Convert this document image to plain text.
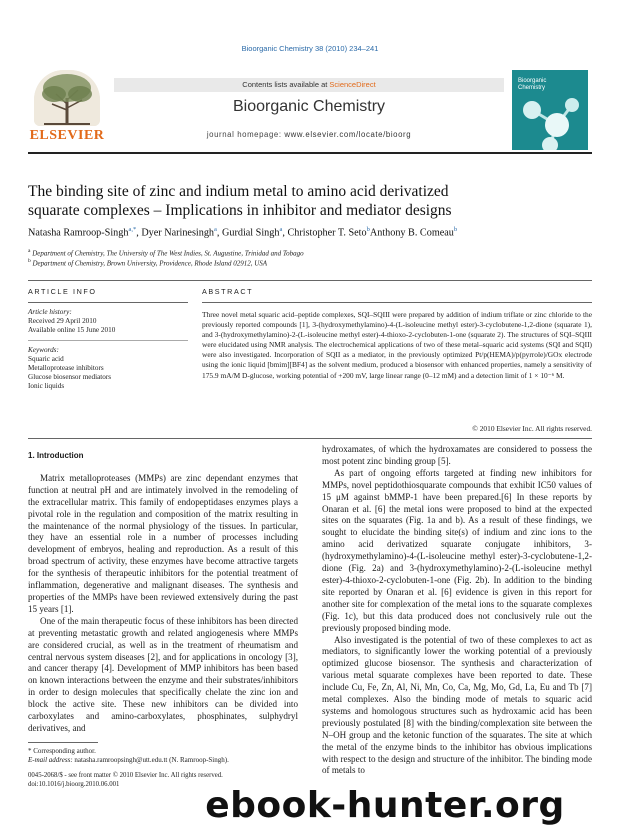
Bioorganic Chemistry 38 (2010) 234–241
ELSEVIER
Contents lists available at ScienceDirect
Bioorganic Chemistry
journal homepage: www.elsevier.com/locate/bioorg
Bioorganic
Chemistry
The binding site of zinc and indium metal to amino acid derivatized
squarate complexes – Implications in inhibitor and mediator designs
Natasha Ramroop-Singh$^{a,*}$, Dyer Narinesingh$^a$, Gurdial Singh$^a$, Christopher T. Seto$^b$Anthony B. Comeau$^b$
$^a$ Department of Chemistry, The University of The West Indies, St. Augustine, Trinidad and Tobago
$^b$ Department of Chemistry, Brown University, Providence, Rhode Island 02912, USA
ARTICLE INFO	ABSTRACT
Article history:
Received 29 April 2010
Available online 15 June 2010
Keywords:
Squaric acid
Metalloprotease inhibitors
Glucose biosensor mediators
Ionic liquids
Three novel metal squaric acid–peptide complexes, SQI–SQIII were prepared by addition of indium triflate or zinc chloride to the previously reported compounds [1], 3-(hydroxymethylamino)-4-(L-isoleucine methyl ester)-3-cyclobutene-1,2-dione (squarate 1), and 3-(hydroxymethylamino)-2-(L-isoleucine methyl ester)-4-thioxo-2-cyclobuten-1-one (squarate 2). The structures of SQI–SQIII were elucidated using NMR analysis. The electrochemical applications of two of these metal–squaric acid systems (SQI and SQII) were also investigated. Incorporation of SQII as a mediator, in the previously optimized Pt/p(HEMA)/p(pyrrole)/GOx electrode using the ionic liquid [bmim][BF4] as the solvent medium, produced a biosensor with enhanced properties, namely a sensitivity of 175.9 mA/M D-glucose, working potential of +200 mV, large linear range (0–12 mM) and a detection limit of 1 × 10⁻⁶ M.
© 2010 Elsevier Inc. All rights reserved.

1. Introduction

Matrix metalloproteases (MMPs) are zinc dependant enzymes that function at neutral pH and are intimately involved in the remodeling of the extracellular matrix. This family of endopeptidases enzymes plays a pivotal role in the regulation and composition of the matrix resulting in the maintenance of the normal physiology of the tissues. In particular, they have an essential role in a number of processes including development of embryos, healing and reproduction. As a result of this broad spectrum of activity, these enzymes have become attractive targets for the synthesis of therapeutic inhibitors for the potential treatment of inflammation, degenerative and malignant diseases. The synthesis and properties of the MMPs have been reviewed extensively during the past 15 years [1].

One of the main therapeutic focus of these inhibitors has been directed at preventing metastatic growth and related angiogenesis where MMPs are considered crucial, as well as in the treatment of rheumatism and central nervous system diseases [2], and for applications in oncology [3], and cancer therapy [4]. Development of MMP inhibitors has been based on known interactions between the enzyme and their substrates/inhibitors in order to design molecules that specifically chelate the zinc ion and block the active site. These new inhibitors can be divided into carboxylates and amino-carboxylates, phosphinates, sulphydryl derivatives, and

hydroxamates, of which the hydroxamates are considered to possess the most potent zinc binding group [5].

As part of ongoing efforts targeted at finding new inhibitors for MMPs, novel peptidothiosquarate compounds that exhibit IC50 values of 15 μM against bMMP-1 have been prepared.[6] In these reports by Onaran et al. [6] the metal ions were proposed to bind at the expected sites on the squarates (Fig. 1a and b). As a result of these findings, we sought to elucidate the binding site(s) of indium and zinc ions to the amino acid derivatized squarate conjugate inhibitors, 3-(hydroxymethylamino)-4-(L-isoleucine methyl ester)-3-cyclobutene-1,2-dione (Fig. 2a) and 3-(hydroxymethylamino)-2-(L-isoleucine methyl ester)-4-thioxo-2-cyclobuten-1-one (Fig. 2b). In addition to the binding site reported by Onaran et al. [6] evidence is given in this report for another site for complexation of the metal ions to the squarate complexes (Fig. 1c), but this data produced does not conclusively rule out the previously proposed binding mode.

Also investigated is the potential of two of these complexes to act as mediators, to significantly lower the working potential of a previously optimized glucose biosensor. The synthesis and characterization of various metal squarate complexes have been reported to date. These include Cu, Fe, Zn, Al, Ni, Mn, Co, Ca, Mg, Mo, Gd, La, Eu and Tb [7] metal complexes. Also the binding mode of metals to squaric acid systems and homologous structures such as hydroxamic acid has been previously postulated [8] with the binding/complexation site between the N–OH group and the ketonic function of the squarates. The site at which the metal of the enzyme binds to the inhibitor has obvious implications with respect to the design and structure of the inhibitor. The binding mode of metals to

* Corresponding author.
E-mail address: natasha.ramroopsingh@utt.edu.tt (N. Ramroop-Singh).
0045-2068/$ - see front matter © 2010 Elsevier Inc. All rights reserved.
doi:10.1016/j.bioorg.2010.06.001
ebook-hunter.org
